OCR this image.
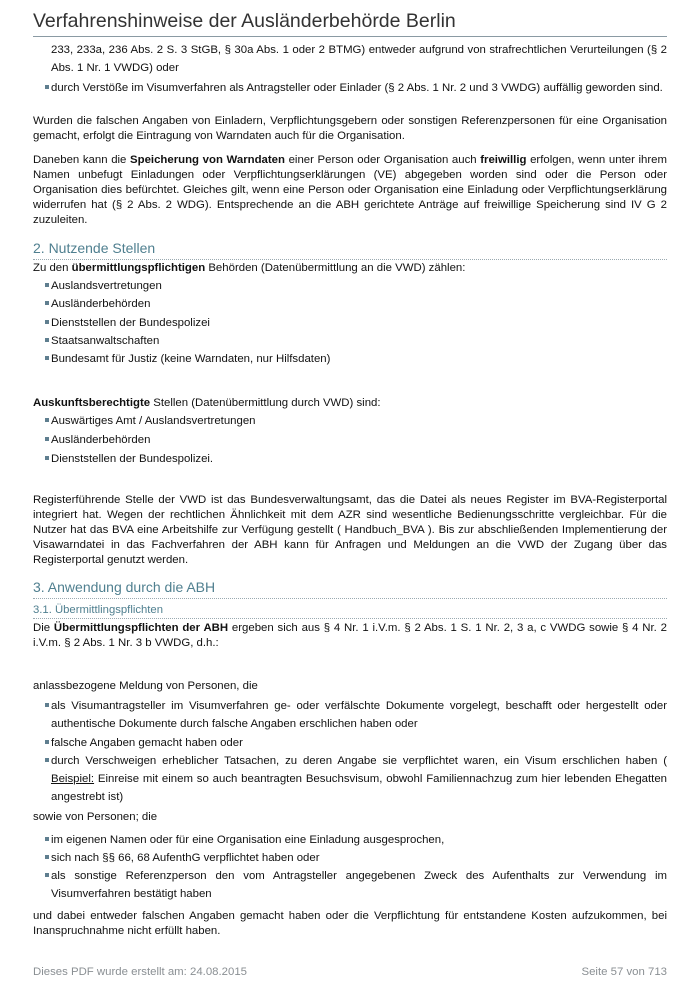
Verfahrenshinweise der Ausländerbehörde Berlin
233, 233a, 236 Abs. 2 S. 3 StGB, § 30a Abs. 1 oder 2 BTMG) entweder aufgrund von strafrechtlichen Verurteilungen (§ 2 Abs. 1 Nr. 1 VWDG) oder
durch Verstöße im Visumverfahren als Antragsteller oder Einlader (§ 2 Abs. 1 Nr. 2 und 3 VWDG) auffällig geworden sind.
Wurden die falschen Angaben von Einladern, Verpflichtungsgebern oder sonstigen Referenzpersonen für eine Organisation gemacht, erfolgt die Eintragung von Warndaten auch für die Organisation.
Daneben kann die Speicherung von Warndaten einer Person oder Organisation auch freiwillig erfolgen, wenn unter ihrem Namen unbefugt Einladungen oder Verpflichtungserklärungen (VE) abgegeben worden sind oder die Person oder Organisation dies befürchtet. Gleiches gilt, wenn eine Person oder Organisation eine Einladung oder Verpflichtungserklärung widerrufen hat (§ 2 Abs. 2 WDG). Entsprechende an die ABH gerichtete Anträge auf freiwillige Speicherung sind IV G 2 zuzuleiten.
2. Nutzende Stellen
Zu den übermittlungspflichtigen Behörden (Datenübermittlung an die VWD) zählen:
Auslandsvertretungen
Ausländerbehörden
Dienststellen der Bundespolizei
Staatsanwaltschaften
Bundesamt für Justiz (keine Warndaten, nur Hilfsdaten)
Auskunftsberechtigte Stellen (Datenübermittlung durch VWD) sind:
Auswärtiges Amt / Auslandsvertretungen
Ausländerbehörden
Dienststellen der Bundespolizei.
Registerführende Stelle der VWD ist das Bundesverwaltungsamt, das die Datei als neues Register im BVA-Registerportal integriert hat. Wegen der rechtlichen Ähnlichkeit mit dem AZR sind wesentliche Bedienungsschritte vergleichbar. Für die Nutzer hat das BVA eine Arbeitshilfe zur Verfügung gestellt ( Handbuch_BVA ). Bis zur abschließenden Implementierung der Visawarndatei in das Fachverfahren der ABH kann für Anfragen und Meldungen an die VWD der Zugang über das Registerportal genutzt werden.
3. Anwendung durch die ABH
3.1. Übermittlingspflichten
Die Übermittlungspflichten der ABH ergeben sich aus § 4 Nr. 1 i.V.m. § 2 Abs. 1 S. 1 Nr. 2, 3 a, c VWDG sowie § 4 Nr. 2 i.V.m. § 2 Abs. 1 Nr. 3 b VWDG, d.h.:
anlassbezogene Meldung von Personen, die
als Visumantragsteller im Visumverfahren ge- oder verfälschte Dokumente vorgelegt, beschafft oder hergestellt oder authentische Dokumente durch falsche Angaben erschlichen haben oder
falsche Angaben gemacht haben oder
durch Verschweigen erheblicher Tatsachen, zu deren Angabe sie verpflichtet waren, ein Visum erschlichen haben ( Beispiel: Einreise mit einem so auch beantragten Besuchsvisum, obwohl Familiennachzug zum hier lebenden Ehegatten angestrebt ist)
sowie von Personen; die
im eigenen Namen oder für eine Organisation eine Einladung ausgesprochen,
sich nach §§ 66, 68 AufenthG verpflichtet haben oder
als sonstige Referenzperson den vom Antragsteller angegebenen Zweck des Aufenthalts zur Verwendung im Visumverfahren bestätigt haben
und dabei entweder falschen Angaben gemacht haben oder die Verpflichtung für entstandene Kosten aufzukommen, bei Inanspruchnahme nicht erfüllt haben.
Dieses PDF wurde erstellt am: 24.08.2015	Seite 57 von 713
